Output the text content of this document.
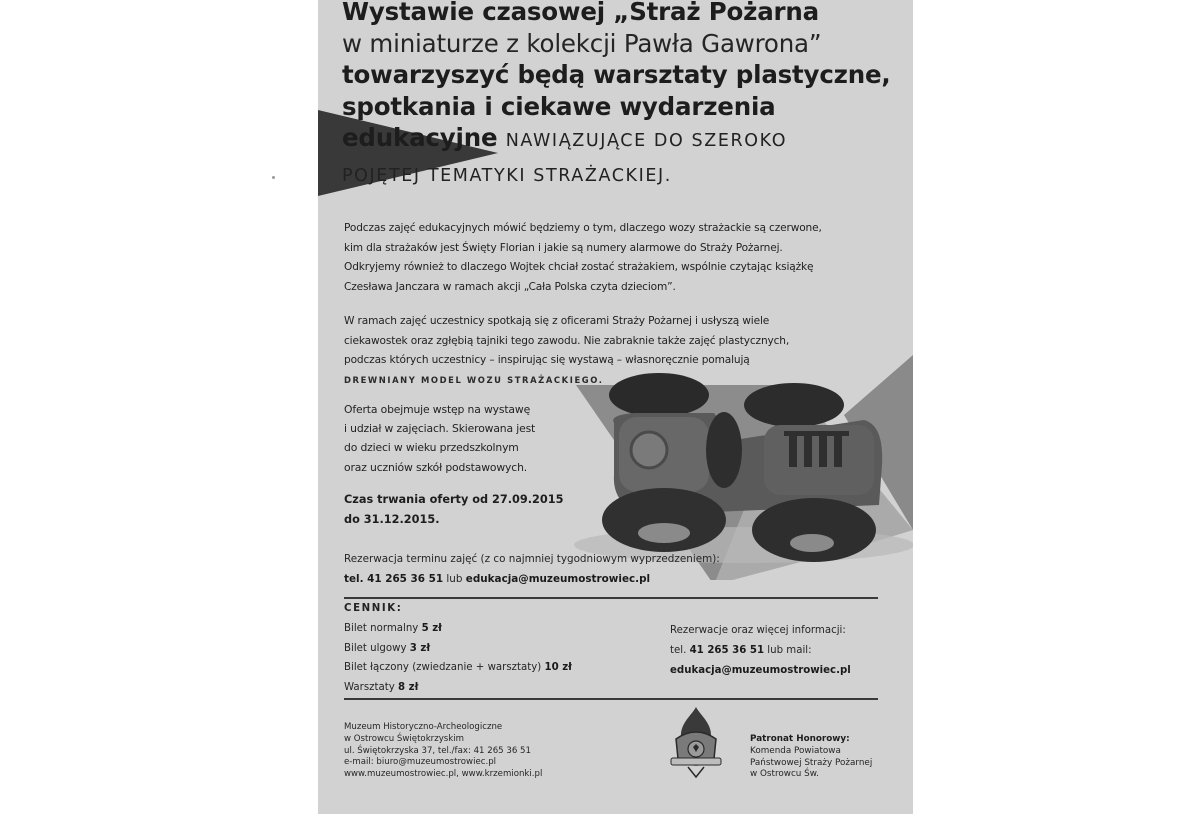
Wystawie czasowej „Straż Pożarna
w miniaturze z kolekcji Pawła Gawrona”
towarzyszyć będą warsztaty plastyczne,
spotkania i ciekawe wydarzenia
edukacyjne NAWIĄZUJĄCE DO SZEROKO
POJĘTEJ TEMATYKI STRAŻACKIEJ.
Podczas zajęć edukacyjnych mówić będziemy o tym, dlaczego wozy strażackie są czerwone,
kim dla strażaków jest Święty Florian i jakie są numery alarmowe do Straży Pożarnej.
Odkryjemy również to dlaczego Wojtek chciał zostać strażakiem, wspólnie czytając książkę
Czesława Janczara w ramach akcji „Cała Polska czyta dzieciom”.
W ramach zajęć uczestnicy spotkają się z oficerami Straży Pożarnej i usłyszą wiele
ciekawostek oraz zgłębią tajniki tego zawodu. Nie zabraknie także zajęć plastycznych,
podczas których uczestnicy – inspirując się wystawą – własnoręcznie pomalują
DREWNIANY MODEL WOZU STRAŻACKIEGO.
Oferta obejmuje wstęp na wystawę
i udział w zajęciach. Skierowana jest
do dzieci w wieku przedszkolnym
oraz uczniów szkół podstawowych.
Czas trwania oferty od 27.09.2015
do 31.12.2015.
Rezerwacja terminu zajęć (z co najmniej tygodniowym wyprzedzeniem):
tel. 41 265 36 51 lub edukacja@muzeumostrowiec.pl
CENNIK:
Bilet normalny 5 zł
Bilet ulgowy 3 zł
Bilet łączony (zwiedzanie + warsztaty) 10 zł
Warsztaty 8 zł
Rezerwacje oraz więcej informacji:
tel. 41 265 36 51 lub mail:
edukacja@muzeumostrowiec.pl
Muzeum Historyczno-Archeologiczne
w Ostrowcu Świętokrzyskim
ul. Świętokrzyska 37, tel./fax: 41 265 36 51
e-mail: biuro@muzeumostrowiec.pl
www.muzeumostrowiec.pl, www.krzemionki.pl
Patronat Honorowy:
Komenda Powiatowa
Państwowej Straży Pożarnej
w Ostrowcu Św.
